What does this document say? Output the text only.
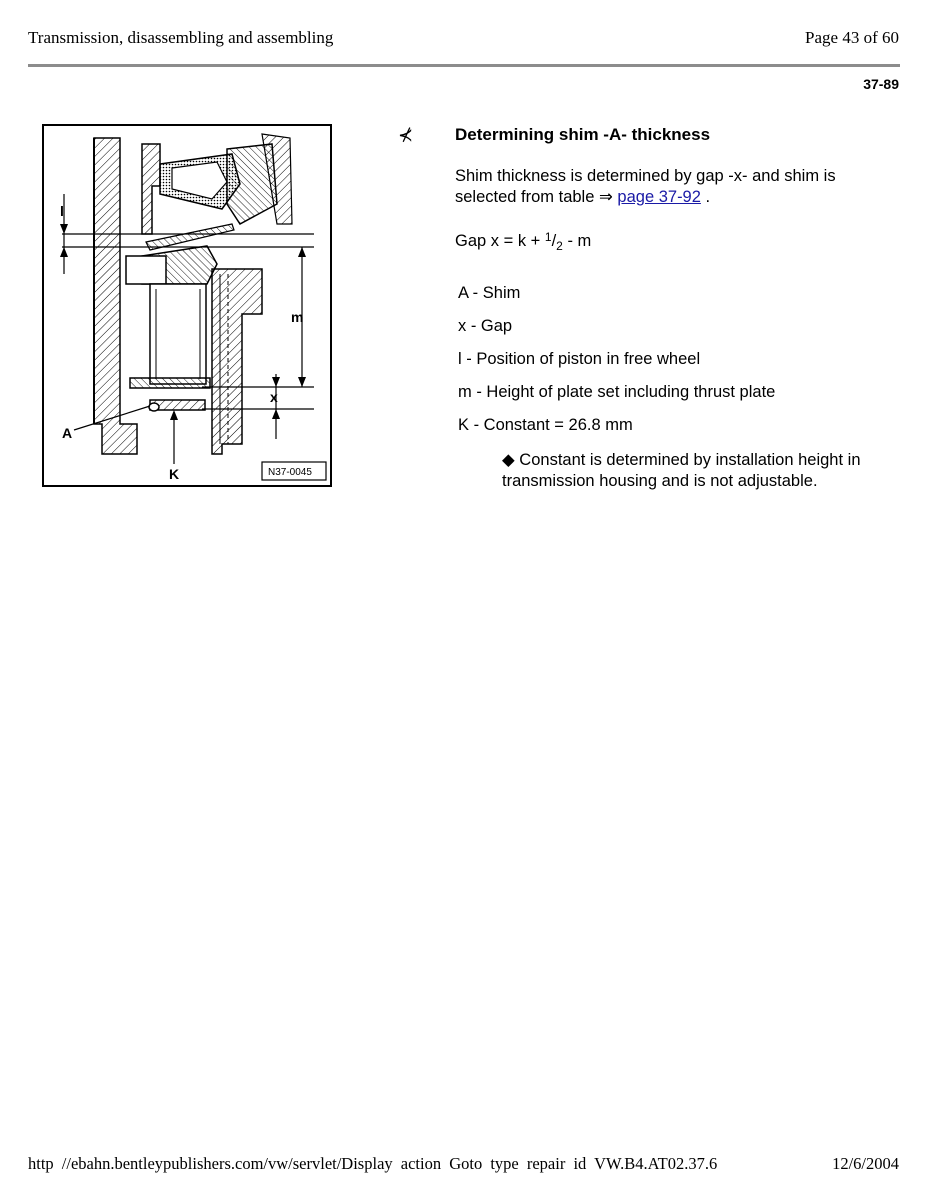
Transmission, disassembling and assembling	Page 43 of 60
37-89
l
m
x
A
K	N37-0045
⊀ Determining shim -A- thickness
Shim thickness is determined by gap -x- and shim is selected from table ⇒ page 37-92 .
Gap $x = k + ^1/_2 - m$
A - Shim
x - Gap
l - Position of piston in free wheel
m - Height of plate set including thrust plate
K - Constant = 26.8 mm
◆ Constant is determined by installation height in transmission housing and is not adjustable.
http //ebahn.bentleypublishers.com/vw/servlet/Display action Goto type repair id VW.B4.AT02.37.6	12/6/2004
